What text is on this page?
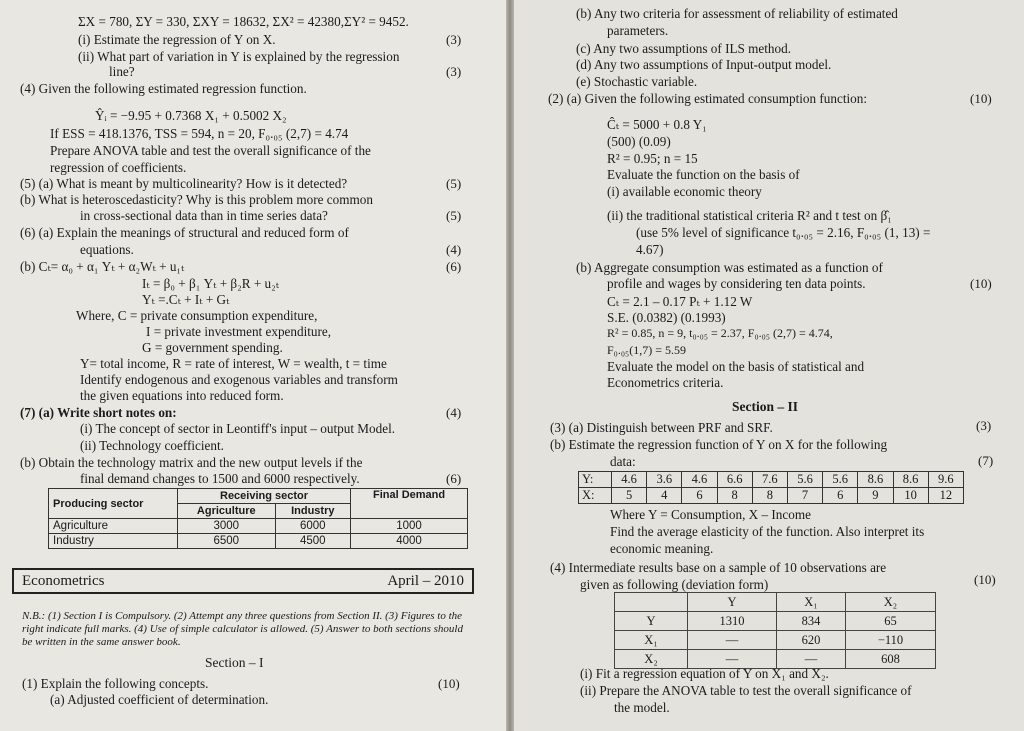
ΣX = 780, ΣY = 330, ΣXY = 18632, ΣX² = 42380,ΣY² = 9452.
(i) Estimate the regression of Y on X.	(3)
(ii) What part of variation in Y is explained by the regression
line?	(3)
(4) Given the following estimated regression function.
Ŷᵢ = −9.95 + 0.7368 X₁ + 0.5002 X₂
If ESS = 418.1376, TSS = 594, n = 20, F₀.₀₅ (2,7) = 4.74
Prepare ANOVA table and test the overall significance of the
regression of coefficients.
(5) (a) What is meant by multicolinearity? How is it detected?	(5)
(b) What is heteroscedasticity? Why is this problem more common
in cross-sectional data than in time series data?	(5)
(6) (a) Explain the meanings of structural and reduced form of
equations.	(4)
(b) Cₜ= α₀ + α₁ Yₜ + α₂Wₜ + u₁ₜ	(6)
Iₜ = β₀ + β₁ Yₜ + β₂R + u₂ₜ
Yₜ =.Cₜ + Iₜ + Gₜ
Where, C = private consumption expenditure,
I = private investment expenditure,
G = government spending.
Y= total income, R = rate of interest, W = wealth, t = time
Identify endogenous and exogenous variables and transform
the given equations into reduced form.
(7) (a) Write short notes on:	(4)
(i) The concept of sector in Leontiff's input – output Model.
(ii) Technology coefficient.
(b) Obtain the technology matrix and the new output levels if the
final demand changes to 1500 and 6000 respectively.	(6)
Producing sector	Receiving sector		Final Demand
	Agriculture	Industry	
Agriculture	3000	6000	1000
Industry	6500	4500	4000
Econometrics	April – 2010
N.B.: (1) Section I is Compulsory. (2) Attempt any three questions from Section II. (3) Figures to the right indicate full marks. (4) Use of simple calculator is allowed. (5) Answer to both sections should be written in the same answer book.
Section – I
(1) Explain the following concepts.	(10)
(a) Adjusted coefficient of determination.
(b) Any two criteria for assessment of reliability of estimated
parameters.
(c) Any two assumptions of ILS method.
(d) Any two assumptions of Input-output model.
(e) Stochastic variable.
(2) (a) Given the following estimated consumption function:	(10)
Ĉₜ = 5000 + 0.8 Y₁
(500) (0.09)
R² = 0.95; n = 15
Evaluate the function on the basis of
(i) available economic theory
(ii) the traditional statistical criteria R² and t test on β̂₁
(use 5% level of significance t₀.₀₅ = 2.16, F₀.₀₅ (1, 13) =
4.67)
(b) Aggregate consumption was estimated as a function of
profile and wages by considering ten data points.	(10)
Cₜ = 2.1 – 0.17 Pₜ + 1.12 W
S.E. (0.0382) (0.1993)
R² = 0.85, n = 9, t₀.₀₅ = 2.37, F₀.₀₅ (2,7) = 4.74,
F₀.₀₅(1,7) = 5.59
Evaluate the model on the basis of statistical and
Econometrics criteria.
Section – II
(3) (a) Distinguish between PRF and SRF.	(3)
(b) Estimate the regression function of Y on X for the following
data:	(7)
Y:	4.6	3.6	4.6	6.6	7.6	5.6	5.6	8.6	8.6	9.6
X:	5	4	6	8	8	7	6	9	10	12
Where Y = Consumption, X – Income
Find the average elasticity of the function. Also interpret its
economic meaning.
(4) Intermediate results base on a sample of 10 observations are
given as following (deviation form)	(10)
	Y	X₁	X₂
Y	1310	834	65
X₁	—	620	−110
X₂	—	—	608
(i) Fit a regression equation of Y on X₁ and X₂.
(ii) Prepare the ANOVA table to test the overall significance of
the model.
